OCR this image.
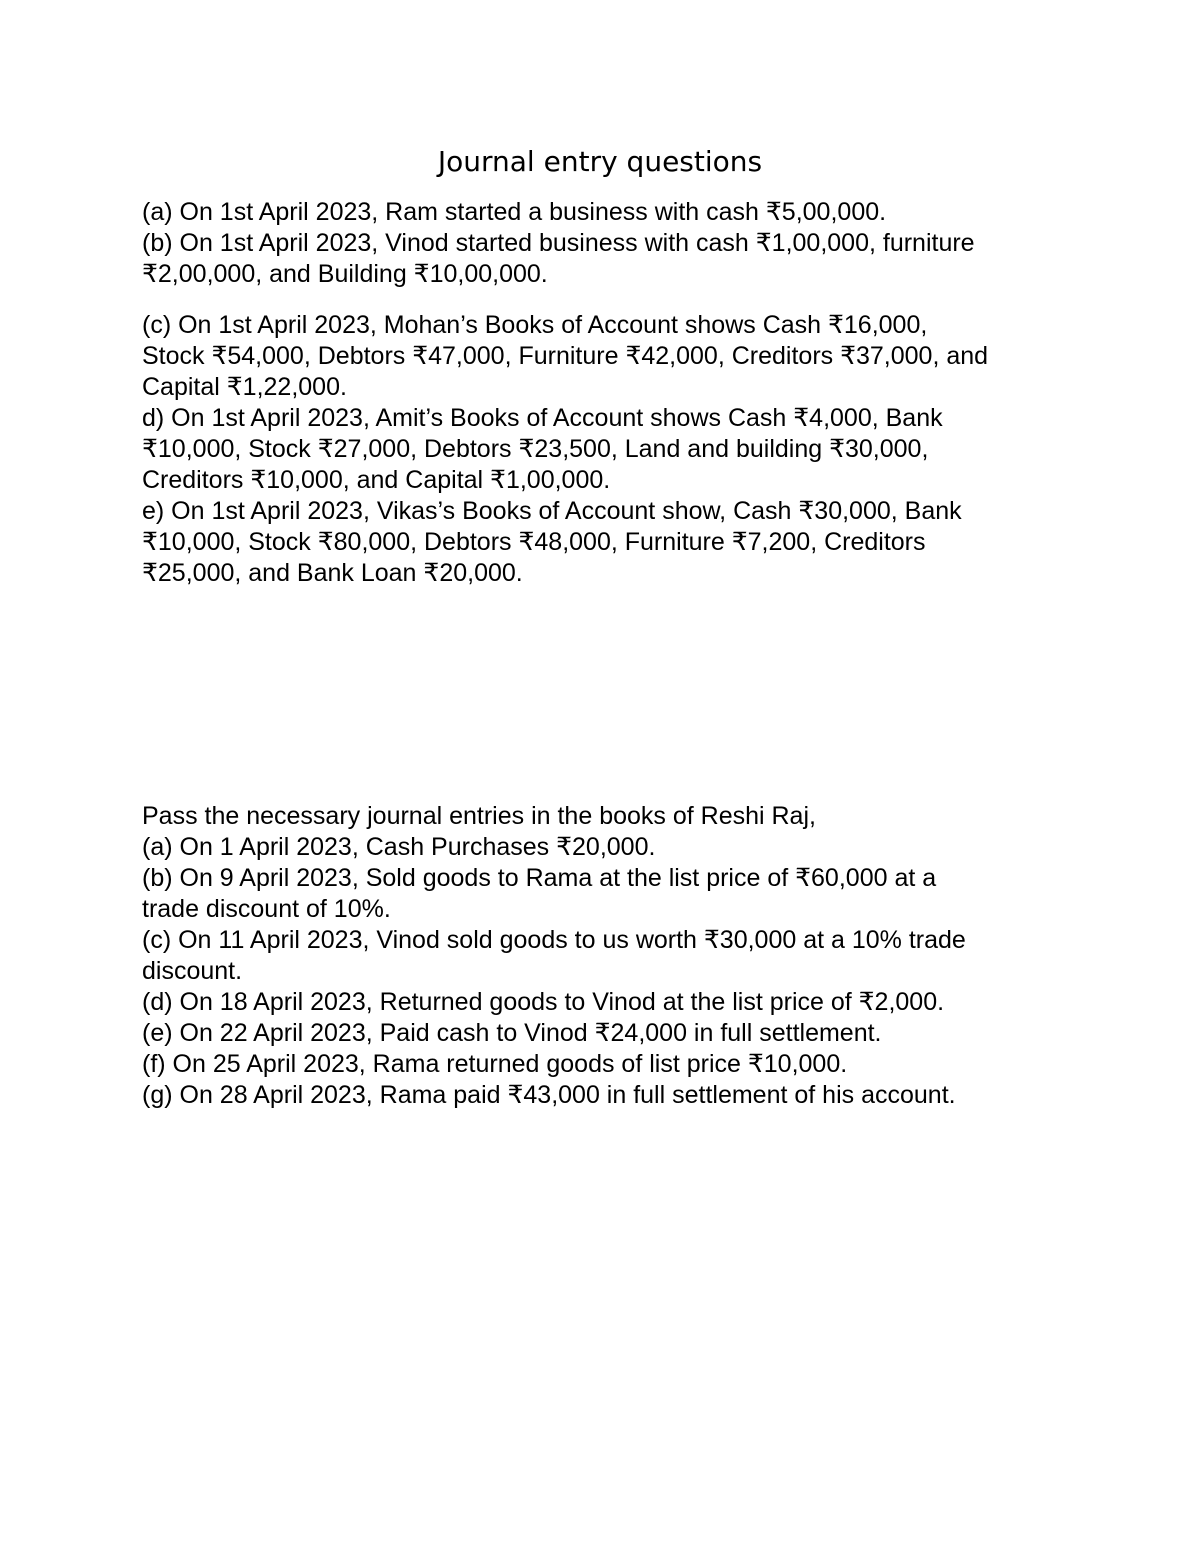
Journal entry questions
(a) On 1st April 2023, Ram started a business with cash ₹5,00,000.
(b) On 1st April 2023, Vinod started business with cash ₹1,00,000, furniture
₹2,00,000, and Building ₹10,00,000.
(c) On 1st April 2023, Mohan’s Books of Account shows Cash ₹16,000,
Stock ₹54,000, Debtors ₹47,000, Furniture ₹42,000, Creditors ₹37,000, and
Capital ₹1,22,000.
d) On 1st April 2023, Amit’s Books of Account shows Cash ₹4,000, Bank
₹10,000, Stock ₹27,000, Debtors ₹23,500, Land and building ₹30,000,
Creditors ₹10,000, and Capital ₹1,00,000.
e) On 1st April 2023, Vikas’s Books of Account show, Cash ₹30,000, Bank
₹10,000, Stock ₹80,000, Debtors ₹48,000, Furniture ₹7,200, Creditors
₹25,000, and Bank Loan ₹20,000.
Pass the necessary journal entries in the books of Reshi Raj,
(a) On 1 April 2023, Cash Purchases ₹20,000.
(b) On 9 April 2023, Sold goods to Rama at the list price of ₹60,000 at a
trade discount of 10%.
(c) On 11 April 2023, Vinod sold goods to us worth ₹30,000 at a 10% trade
discount.
(d) On 18 April 2023, Returned goods to Vinod at the list price of ₹2,000.
(e) On 22 April 2023, Paid cash to Vinod ₹24,000 in full settlement.
(f) On 25 April 2023, Rama returned goods of list price ₹10,000.
(g) On 28 April 2023, Rama paid ₹43,000 in full settlement of his account.
